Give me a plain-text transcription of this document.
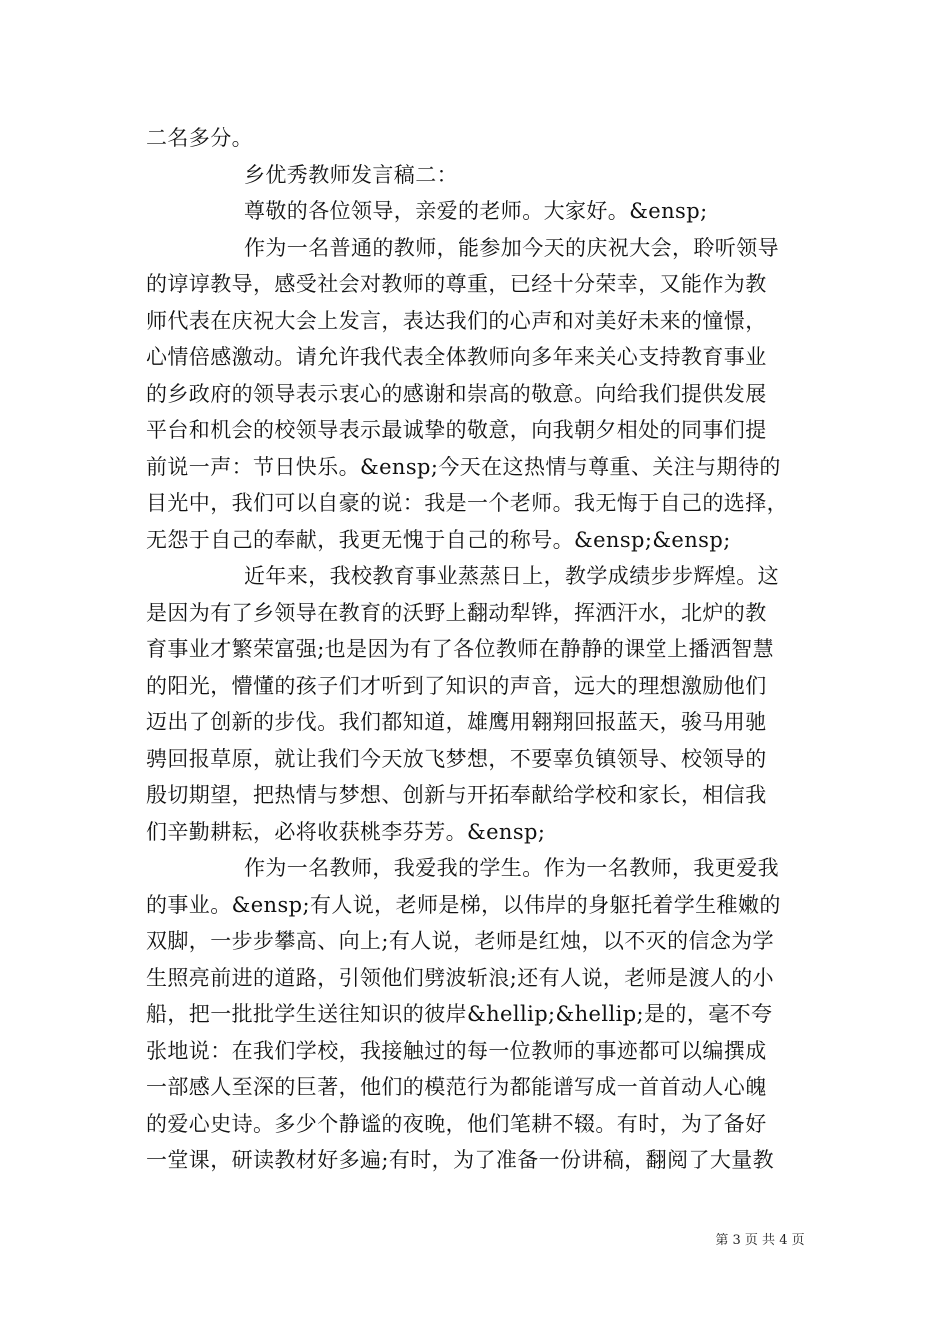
二名多分。
乡优秀教师发言稿二：
尊敬的各位领导，亲爱的老师。大家好。&ensp;
作为一名普通的教师，能参加今天的庆祝大会，聆听领导
的谆谆教导，感受社会对教师的尊重，已经十分荣幸，又能作为教
师代表在庆祝大会上发言，表达我们的心声和对美好未来的憧憬，
心情倍感激动。请允许我代表全体教师向多年来关心支持教育事业
的乡政府的领导表示衷心的感谢和崇高的敬意。向给我们提供发展
平台和机会的校领导表示最诚挚的敬意，向我朝夕相处的同事们提
前说一声：节日快乐。&ensp;今天在这热情与尊重、关注与期待的
目光中，我们可以自豪的说：我是一个老师。我无悔于自己的选择，
无怨于自己的奉献，我更无愧于自己的称号。&ensp;&ensp;
近年来，我校教育事业蒸蒸日上，教学成绩步步辉煌。这
是因为有了乡领导在教育的沃野上翻动犁铧，挥洒汗水，北炉的教
育事业才繁荣富强;也是因为有了各位教师在静静的课堂上播洒智慧
的阳光，懵懂的孩子们才听到了知识的声音，远大的理想激励他们
迈出了创新的步伐。我们都知道，雄鹰用翱翔回报蓝天，骏马用驰
骋回报草原，就让我们今天放飞梦想，不要辜负镇领导、校领导的
殷切期望，把热情与梦想、创新与开拓奉献给学校和家长，相信我
们辛勤耕耘，必将收获桃李芬芳。&ensp;
作为一名教师，我爱我的学生。作为一名教师，我更爱我
的事业。&ensp;有人说，老师是梯，以伟岸的身躯托着学生稚嫩的
双脚，一步步攀高、向上;有人说，老师是红烛，以不灭的信念为学
生照亮前进的道路，引领他们劈波斩浪;还有人说，老师是渡人的小
船，把一批批学生送往知识的彼岸&hellip;&hellip;是的，毫不夸
张地说：在我们学校，我接触过的每一位教师的事迹都可以编撰成
一部感人至深的巨著，他们的模范行为都能谱写成一首首动人心魄
的爱心史诗。多少个静谧的夜晚，他们笔耕不辍。有时，为了备好
一堂课，研读教材好多遍;有时，为了准备一份讲稿，翻阅了大量教
第 3 页 共 4 页
